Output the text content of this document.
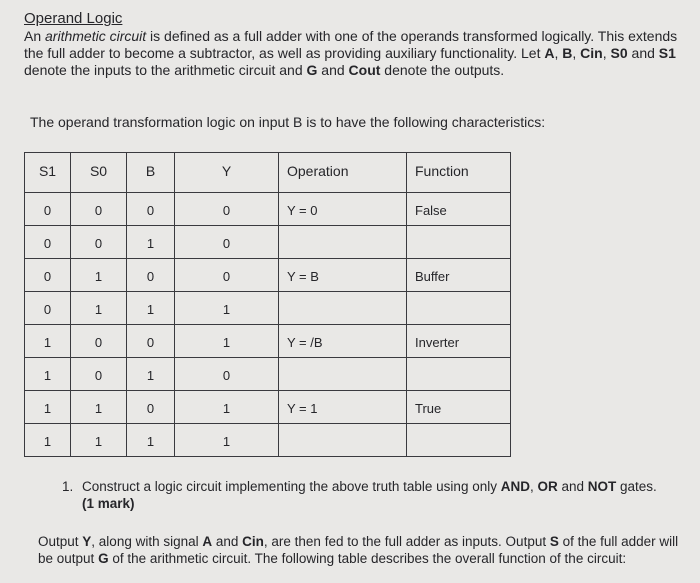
Operand Logic

An arithmetic circuit is defined as a full adder with one of the operands transformed logically. This extends the full adder to become a subtractor, as well as providing auxiliary functionality. Let A, B, Cin, S0 and S1 denote the inputs to the arithmetic circuit and G and Cout denote the outputs.

The operand transformation logic on input B is to have the following characteristics:

S1	S0	B	Y	Operation	Function
0	0	0	0	Y = 0	False
0	0	1	0		
0	1	0	0	Y = B	Buffer
0	1	1	1		
1	0	0	1	Y = /B	Inverter
1	0	1	0		
1	1	0	1	Y = 1	True
1	1	1	1		

1. Construct a logic circuit implementing the above truth table using only AND, OR and NOT gates.
(1 mark)

Output Y, along with signal A and Cin, are then fed to the full adder as inputs. Output S of the full adder will be output G of the arithmetic circuit. The following table describes the overall function of the circuit:
